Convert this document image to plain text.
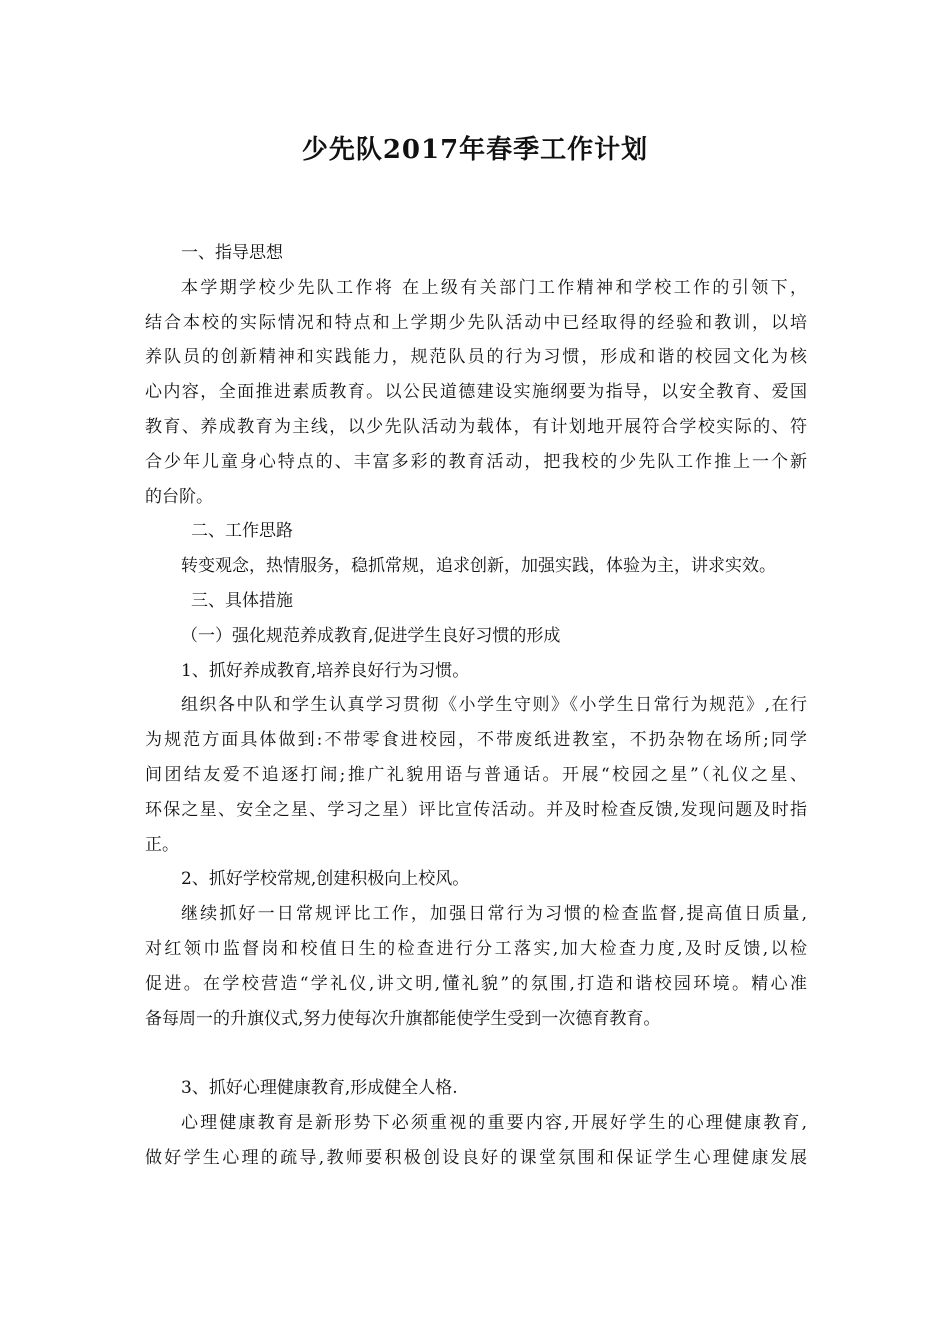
少先队2017年春季工作计划
一、指导思想
本学期学校少先队工作将 在上级有关部门工作精神和学校工作的引领下，
结合本校的实际情况和特点和上学期少先队活动中已经取得的经验和教训，以培
养队员的创新精神和实践能力，规范队员的行为习惯，形成和谐的校园文化为核
心内容，全面推进素质教育。以公民道德建设实施纲要为指导，以安全教育、爱国
教育、养成教育为主线，以少先队活动为载体，有计划地开展符合学校实际的、符
合少年儿童身心特点的、丰富多彩的教育活动，把我校的少先队工作推上一个新
的台阶。
二、工作思路
转变观念，热情服务，稳抓常规，追求创新，加强实践，体验为主，讲求实效。
三、具体措施
（一）强化规范养成教育,促进学生良好习惯的形成
1、抓好养成教育,培养良好行为习惯。
组织各中队和学生认真学习贯彻《小学生守则》《小学生日常行为规范》,在行
为规范方面具体做到:不带零食进校园，不带废纸进教室，不扔杂物在场所;同学
间团结友爱不追逐打闹;推广礼貌用语与普通话。开展“校园之星”（礼仪之星、
环保之星、安全之星、学习之星）评比宣传活动。并及时检查反馈,发现问题及时指
正。
2、抓好学校常规,创建积极向上校风。
继续抓好一日常规评比工作，加强日常行为习惯的检查监督,提高值日质量,
对红领巾监督岗和校值日生的检查进行分工落实,加大检查力度,及时反馈,以检
促进。在学校营造“学礼仪,讲文明,懂礼貌”的氛围,打造和谐校园环境。精心准
备每周一的升旗仪式,努力使每次升旗都能使学生受到一次德育教育。
3、抓好心理健康教育,形成健全人格.
心理健康教育是新形势下必须重视的重要内容,开展好学生的心理健康教育,
做好学生心理的疏导,教师要积极创设良好的课堂氛围和保证学生心理健康发展
